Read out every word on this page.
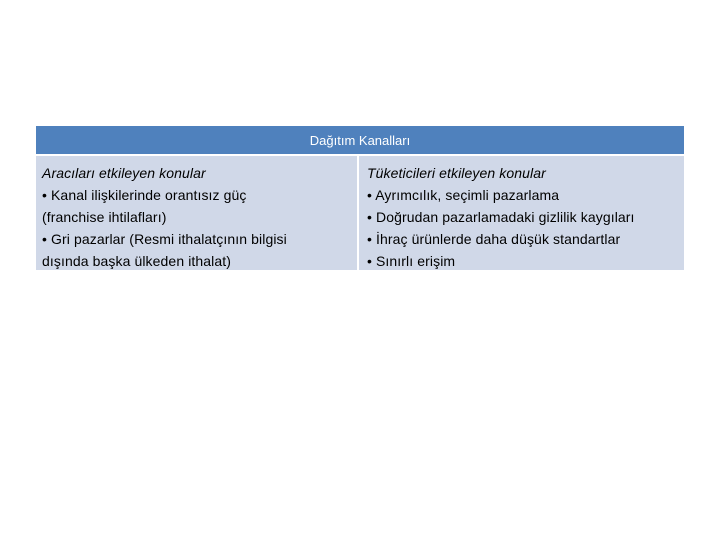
Dağıtım Kanalları
Aracıları etkileyen konular
• Kanal ilişkilerinde orantısız güç
(franchise ihtilafları)
• Gri pazarlar (Resmi ithalatçının bilgisi
dışında başka ülkeden ithalat)
Tüketicileri etkileyen konular
• Ayrımcılık, seçimli pazarlama
• Doğrudan pazarlamadaki gizlilik kaygıları
• İhraç ürünlerde daha düşük standartlar
• Sınırlı erişim
